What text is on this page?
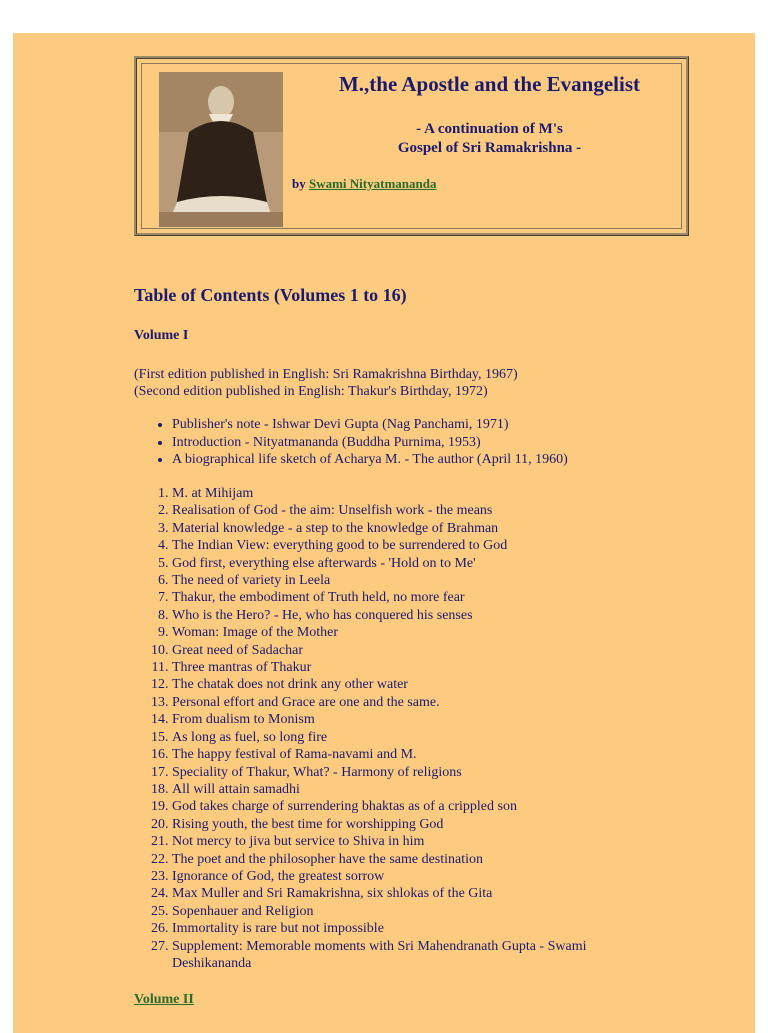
M.,the Apostle and the Evangelist
- A continuation of M's
Gospel of Sri Ramakrishna -
by Swami Nityatmananda
Table of Contents (Volumes 1 to 16)
Volume I
(First edition published in English: Sri Ramakrishna Birthday, 1967)
(Second edition published in English: Thakur's Birthday, 1972)
• Publisher's note - Ishwar Devi Gupta (Nag Panchami, 1971)
• Introduction - Nityatmananda (Buddha Purnima, 1953)
• A biographical life sketch of Acharya M. - The author (April 11, 1960)
1. M. at Mihijam
2. Realisation of God - the aim: Unselfish work - the means
3. Material knowledge - a step to the knowledge of Brahman
4. The Indian View: everything good to be surrendered to God
5. God first, everything else afterwards - 'Hold on to Me'
6. The need of variety in Leela
7. Thakur, the embodiment of Truth held, no more fear
8. Who is the Hero? - He, who has conquered his senses
9. Woman: Image of the Mother
10. Great need of Sadachar
11. Three mantras of Thakur
12. The chatak does not drink any other water
13. Personal effort and Grace are one and the same.
14. From dualism to Monism
15. As long as fuel, so long fire
16. The happy festival of Rama-navami and M.
17. Speciality of Thakur, What? - Harmony of religions
18. All will attain samadhi
19. God takes charge of surrendering bhaktas as of a crippled son
20. Rising youth, the best time for worshipping God
21. Not mercy to jiva but service to Shiva in him
22. The poet and the philosopher have the same destination
23. Ignorance of God, the greatest sorrow
24. Max Muller and Sri Ramakrishna, six shlokas of the Gita
25. Sopenhauer and Religion
26. Immortality is rare but not impossible
27. Supplement: Memorable moments with Sri Mahendranath Gupta - Swami Deshikananda
Volume II
